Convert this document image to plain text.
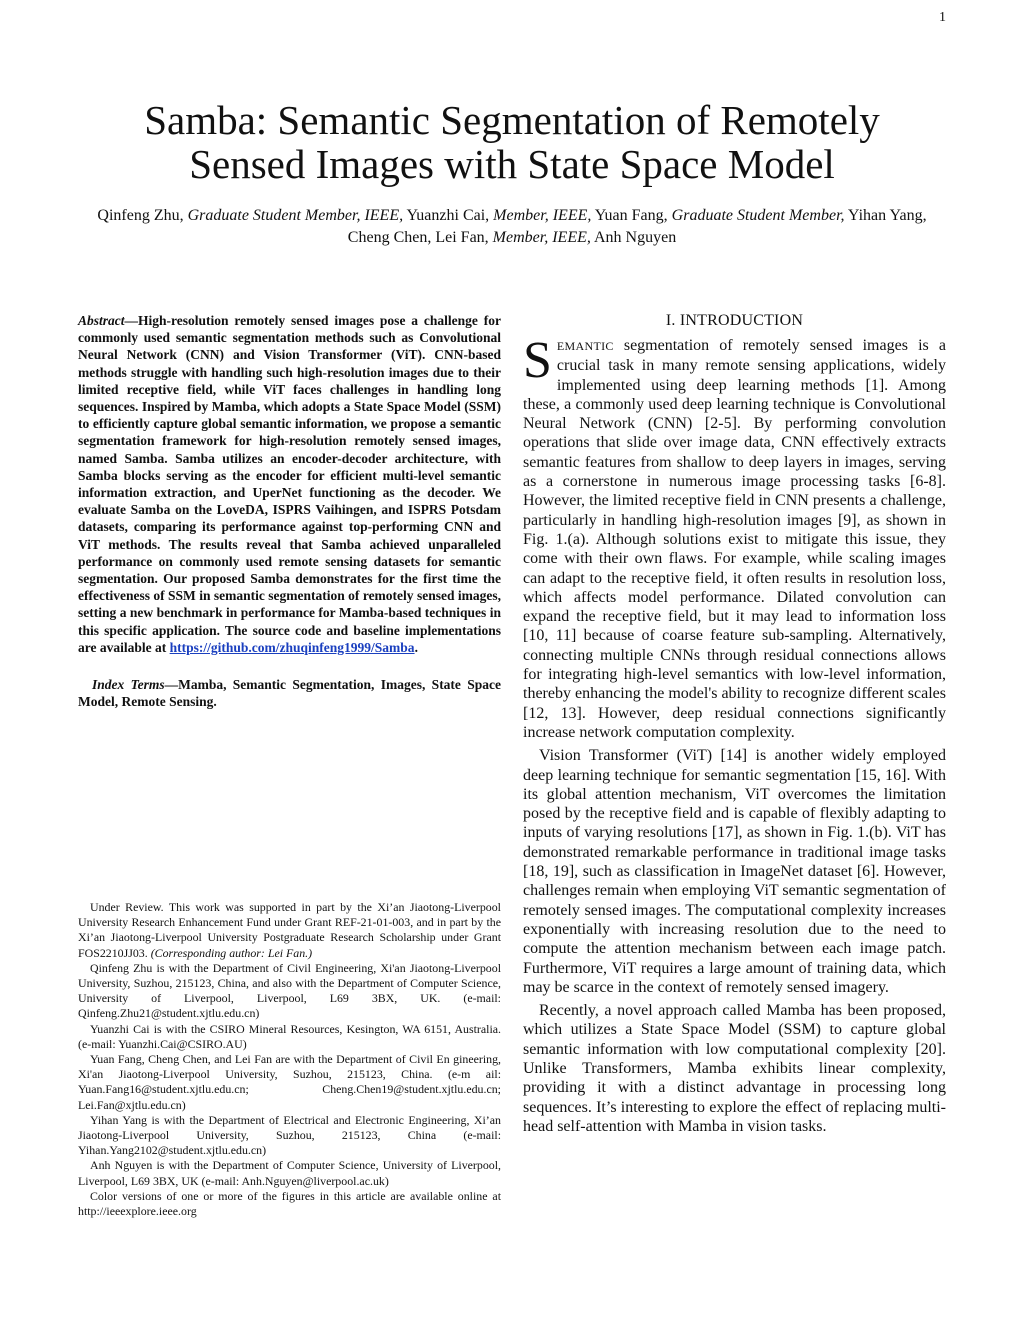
1
Samba: Semantic Segmentation of Remotely
Sensed Images with State Space Model
Qinfeng Zhu, Graduate Student Member, IEEE, Yuanzhi Cai, Member, IEEE, Yuan Fang, Graduate Student Member, Yihan Yang, Cheng Chen, Lei Fan, Member, IEEE, Anh Nguyen

Abstract—High-resolution remotely sensed images pose a challenge for commonly used semantic segmentation methods such as Convolutional Neural Network (CNN) and Vision Transformer (ViT). CNN-based methods struggle with handling such high-resolution images due to their limited receptive field, while ViT faces challenges in handling long sequences. Inspired by Mamba, which adopts a State Space Model (SSM) to efficiently capture global semantic information, we propose a semantic segmentation framework for high-resolution remotely sensed images, named Samba. Samba utilizes an encoder-decoder architecture, with Samba blocks serving as the encoder for efficient multi-level semantic information extraction, and UperNet functioning as the decoder. We evaluate Samba on the LoveDA, ISPRS Vaihingen, and ISPRS Potsdam datasets, comparing its performance against top-performing CNN and ViT methods. The results reveal that Samba achieved unparalleled performance on commonly used remote sensing datasets for semantic segmentation. Our proposed Samba demonstrates for the first time the effectiveness of SSM in semantic segmentation of remotely sensed images, setting a new benchmark in performance for Mamba-based techniques in this specific application. The source code and baseline implementations are available at https://github.com/zhuqinfeng1999/Samba.

Index Terms—Mamba, Semantic Segmentation, Images, State Space Model, Remote Sensing.

Under Review. This work was supported in part by the Xi’an Jiaotong-Liverpool University Research Enhancement Fund under Grant REF-21-01-003, and in part by the Xi’an Jiaotong-Liverpool University Postgraduate Research Scholarship under Grant FOS2210JJ03. (Corresponding author: Lei Fan.)

Qinfeng Zhu is with the Department of Civil Engineering, Xi'an Jiaotong-Liverpool University, Suzhou, 215123, China, and also with the Department of Computer Science, University of Liverpool, Liverpool, L69 3BX, UK. (e-mail: Qinfeng.Zhu21@student.xjtlu.edu.cn)

Yuanzhi Cai is with the CSIRO Mineral Resources, Kesington, WA 6151, Australia. (e-mail: Yuanzhi.Cai@CSIRO.AU)

Yuan Fang, Cheng Chen, and Lei Fan are with the Department of Civil En gineering, Xi'an Jiaotong-Liverpool University, Suzhou, 215123, China. (e-m ail: Yuan.Fang16@student.xjtlu.edu.cn; Cheng.Chen19@student.xjtlu.edu.cn; Lei.Fan@xjtlu.edu.cn)

Yihan Yang is with the Department of Electrical and Electronic Engineering, Xi’an Jiaotong-Liverpool University, Suzhou, 215123, China (e-mail: Yihan.Yang2102@student.xjtlu.edu.cn)

Anh Nguyen is with the Department of Computer Science, University of Liverpool, Liverpool, L69 3BX, UK (e-mail: Anh.Nguyen@liverpool.ac.uk)

Color versions of one or more of the figures in this article are available online at http://ieeexplore.ieee.org

I. INTRODUCTION

SEMANTIC segmentation of remotely sensed images is a crucial task in many remote sensing applications, widely implemented using deep learning methods [1]. Among these, a commonly used deep learning technique is Convolutional Neural Network (CNN) [2-5]. By performing convolution operations that slide over image data, CNN effectively extracts semantic features from shallow to deep layers in images, serving as a cornerstone in numerous image processing tasks [6-8]. However, the limited receptive field in CNN presents a challenge, particularly in handling high-resolution images [9], as shown in Fig. 1.(a). Although solutions exist to mitigate this issue, they come with their own flaws. For example, while scaling images can adapt to the receptive field, it often results in resolution loss, which affects model performance. Dilated convolution can expand the receptive field, but it may lead to information loss [10, 11] because of coarse feature sub-sampling. Alternatively, connecting multiple CNNs through residual connections allows for integrating high-level semantics with low-level information, thereby enhancing the model's ability to recognize different scales [12, 13]. However, deep residual connections significantly increase network computation complexity.

Vision Transformer (ViT) [14] is another widely employed deep learning technique for semantic segmentation [15, 16]. With its global attention mechanism, ViT overcomes the limitation posed by the receptive field and is capable of flexibly adapting to inputs of varying resolutions [17], as shown in Fig. 1.(b). ViT has demonstrated remarkable performance in traditional image tasks [18, 19], such as classification in ImageNet dataset [6]. However, challenges remain when employing ViT semantic segmentation of remotely sensed images. The computational complexity increases exponentially with increasing resolution due to the need to compute the attention mechanism between each image patch. Furthermore, ViT requires a large amount of training data, which may be scarce in the context of remotely sensed imagery.

Recently, a novel approach called Mamba has been proposed, which utilizes a State Space Model (SSM) to capture global semantic information with low computational complexity [20]. Unlike Transformers, Mamba exhibits linear complexity, providing it with a distinct advantage in processing long sequences. It’s interesting to explore the effect of replacing multi-head self-attention with Mamba in vision tasks.
